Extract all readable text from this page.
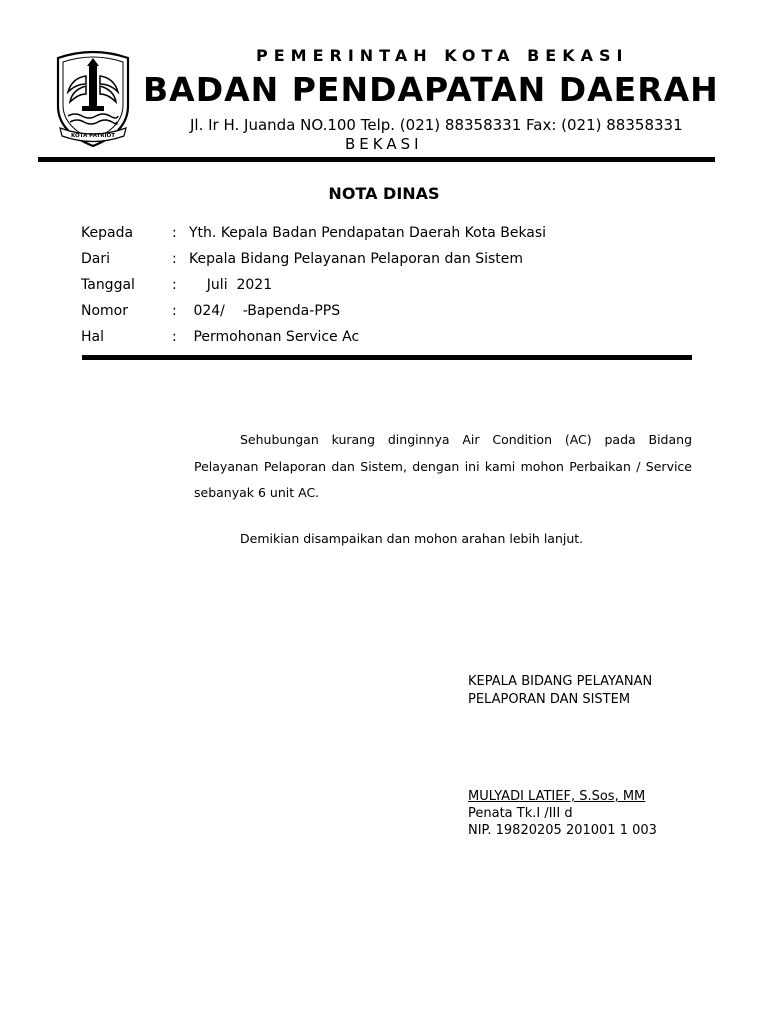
KOTA PATRIOT
PEMERINTAH KOTA BEKASI
BADAN PENDAPATAN DAERAH
Jl. Ir H. Juanda NO.100 Telp. (021) 88358331 Fax: (021) 88358331
BEKASI
NOTA DINAS
Kepada	: Yth. Kepala Badan Pendapatan Daerah Kota Bekasi
Dari	: Kepala Bidang Pelayanan Pelaporan dan Sistem
Tanggal	: Juli  2021
Nomor	: 024/    -Bapenda-PPS
Hal	: Permohonan Service Ac
Sehubungan kurang dinginnya Air Condition (AC) pada Bidang Pelayanan Pelaporan dan Sistem, dengan ini kami mohon Perbaikan / Service sebanyak 6 unit AC.
Demikian disampaikan dan mohon arahan lebih lanjut.
KEPALA BIDANG PELAYANAN
PELAPORAN DAN SISTEM
MULYADI LATIEF, S.Sos, MM
Penata Tk.I /III d
NIP. 19820205 201001 1 003
